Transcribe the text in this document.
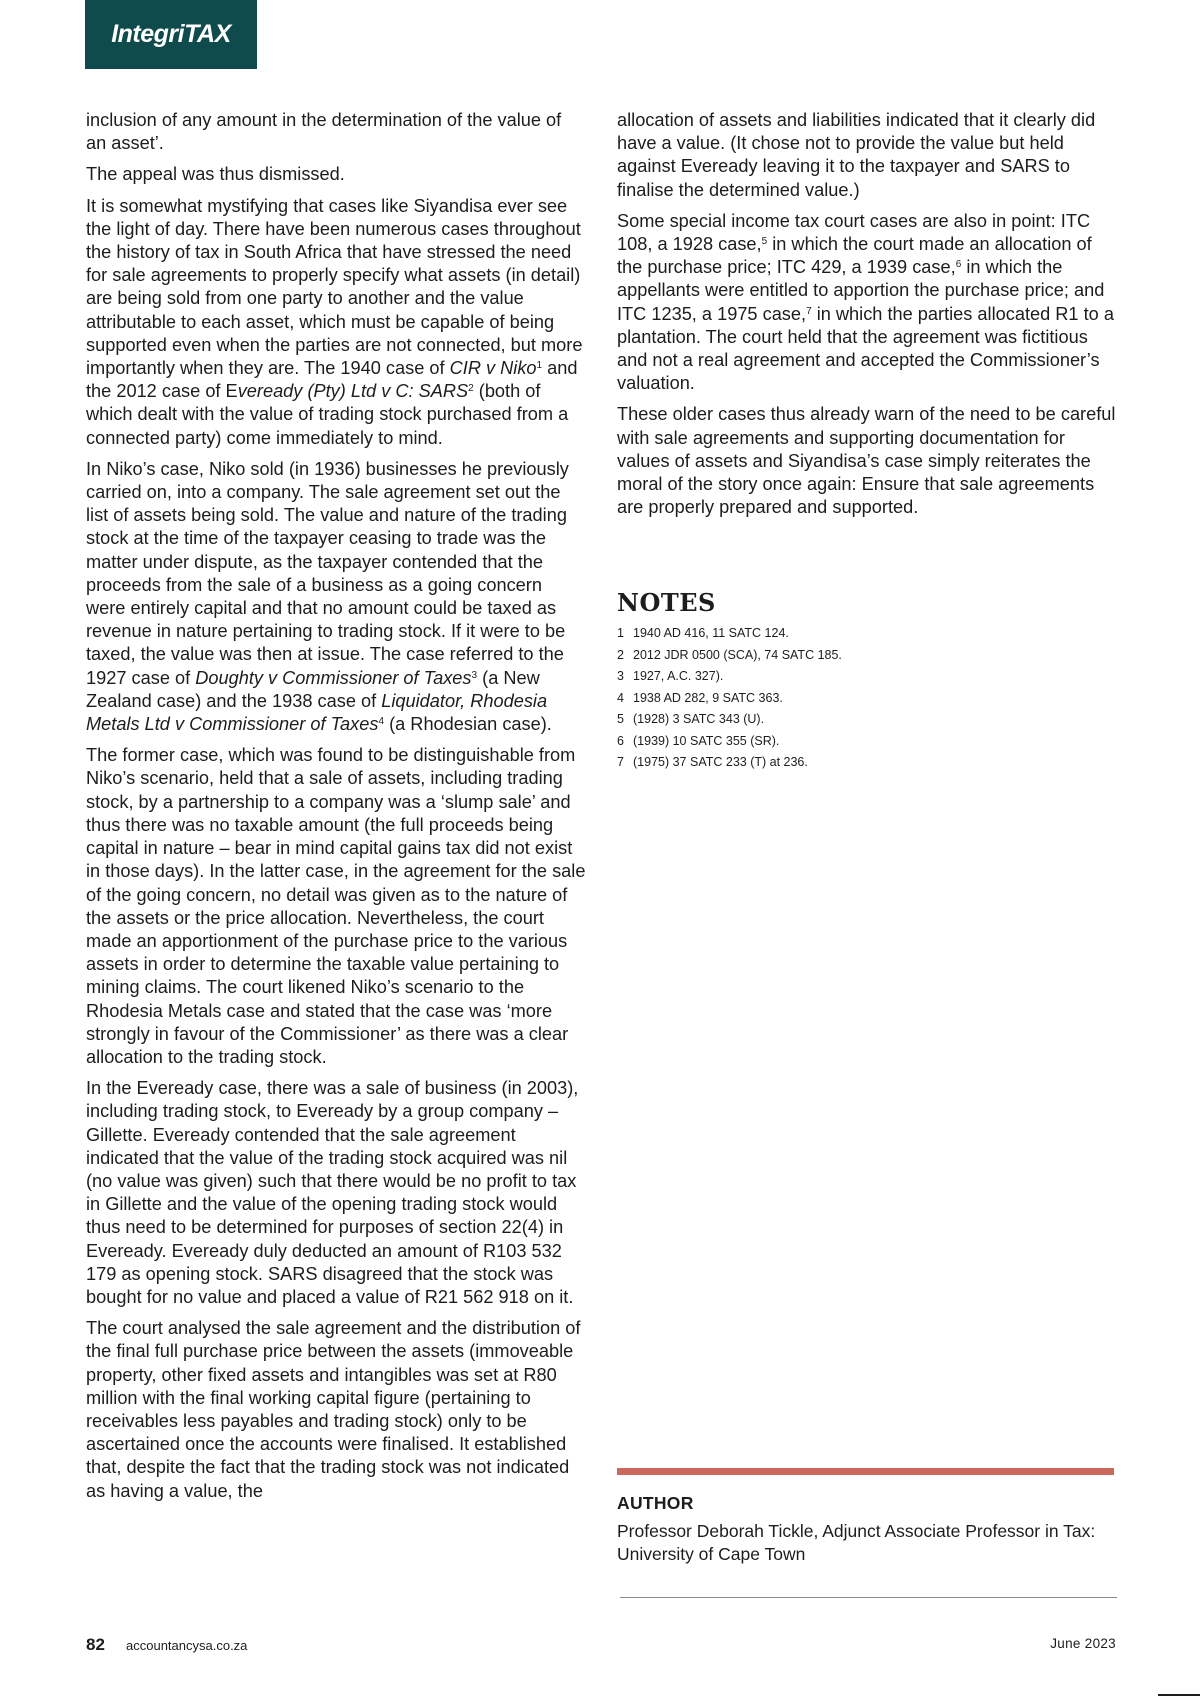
IntegriTAX

inclusion of any amount in the determination of the value of an asset’.

The appeal was thus dismissed.

It is somewhat mystifying that cases like Siyandisa ever see the light of day. There have been numerous cases throughout the history of tax in South Africa that have stressed the need for sale agreements to properly specify what assets (in detail) are being sold from one party to another and the value attributable to each asset, which must be capable of being supported even when the parties are not connected, but more importantly when they are. The 1940 case of CIR v Niko$^1$ and the 2012 case of Eveready (Pty) Ltd v C: SARS$^2$ (both of which dealt with the value of trading stock purchased from a connected party) come immediately to mind.

In Niko’s case, Niko sold (in 1936) businesses he previously carried on, into a company. The sale agreement set out the list of assets being sold. The value and nature of the trading stock at the time of the taxpayer ceasing to trade was the matter under dispute, as the taxpayer contended that the proceeds from the sale of a business as a going concern were entirely capital and that no amount could be taxed as revenue in nature pertaining to trading stock. If it were to be taxed, the value was then at issue. The case referred to the 1927 case of Doughty v Commissioner of Taxes$^3$ (a New Zealand case) and the 1938 case of Liquidator, Rhodesia Metals Ltd v Commissioner of Taxes$^4$ (a Rhodesian case).

The former case, which was found to be distinguishable from Niko’s scenario, held that a sale of assets, including trading stock, by a partnership to a company was a ‘slump sale’ and thus there was no taxable amount (the full proceeds being capital in nature – bear in mind capital gains tax did not exist in those days). In the latter case, in the agreement for the sale of the going concern, no detail was given as to the nature of the assets or the price allocation. Nevertheless, the court made an apportionment of the purchase price to the various assets in order to determine the taxable value pertaining to mining claims. The court likened Niko’s scenario to the Rhodesia Metals case and stated that the case was ‘more strongly in favour of the Commissioner’ as there was a clear allocation to the trading stock.

In the Eveready case, there was a sale of business (in 2003), including trading stock, to Eveready by a group company – Gillette. Eveready contended that the sale agreement indicated that the value of the trading stock acquired was nil (no value was given) such that there would be no profit to tax in Gillette and the value of the opening trading stock would thus need to be determined for purposes of section 22(4) in Eveready. Eveready duly deducted an amount of R103 532 179 as opening stock. SARS disagreed that the stock was bought for no value and placed a value of R21 562 918 on it.

The court analysed the sale agreement and the distribution of the final full purchase price between the assets (immoveable property, other fixed assets and intangibles was set at R80 million with the final working capital figure (pertaining to receivables less payables and trading stock) only to be ascertained once the accounts were finalised. It established that, despite the fact that the trading stock was not indicated as having a value, the

allocation of assets and liabilities indicated that it clearly did have a value. (It chose not to provide the value but held against Eveready leaving it to the taxpayer and SARS to finalise the determined value.)

Some special income tax court cases are also in point: ITC 108, a 1928 case,$^5$ in which the court made an allocation of the purchase price; ITC 429, a 1939 case,$^6$ in which the appellants were entitled to apportion the purchase price; and ITC 1235, a 1975 case,$^7$ in which the parties allocated R1 to a plantation. The court held that the agreement was fictitious and not a real agreement and accepted the Commissioner’s valuation.

These older cases thus already warn of the need to be careful with sale agreements and supporting documentation for values of assets and Siyandisa’s case simply reiterates the moral of the story once again: Ensure that sale agreements are properly prepared and supported.

NOTES
1 1940 AD 416, 11 SATC 124.
2 2012 JDR 0500 (SCA), 74 SATC 185.
3 1927, A.C. 327).
4 1938 AD 282, 9 SATC 363.
5 (1928) 3 SATC 343 (U).
6 (1939) 10 SATC 355 (SR).
7 (1975) 37 SATC 233 (T) at 236.
AUTHOR

Professor Deborah Tickle, Adjunct Associate Professor in Tax: University of Cape Town

82 accountancysa.co.za	June 2023
